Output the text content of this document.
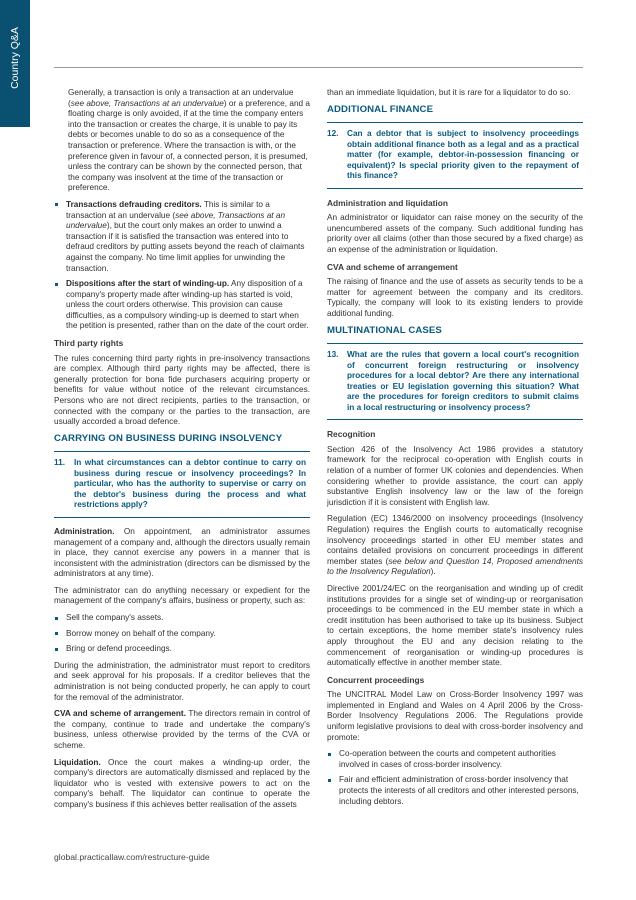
Country Q&A

Generally, a transaction is only a transaction at an undervalue (see above, Transactions at an undervalue) or a preference, and a floating charge is only avoided, if at the time the company enters into the transaction or creates the charge, it is unable to pay its debts or becomes unable to do so as a consequence of the transaction or preference. Where the transaction is with, or the preference given in favour of, a connected person, it is presumed, unless the contrary can be shown by the connected person, that the company was insolvent at the time of the transaction or preference.

Transactions defrauding creditors. This is similar to a transaction at an undervalue (see above, Transactions at an undervalue), but the court only makes an order to unwind a transaction if it is satisfied the transaction was entered into to defraud creditors by putting assets beyond the reach of claimants against the company. No time limit applies for unwinding the transaction.
Dispositions after the start of winding-up. Any disposition of a company's property made after winding-up has started is void, unless the court orders otherwise. This provision can cause difficulties, as a compulsory winding-up is deemed to start when the petition is presented, rather than on the date of the court order.
Third party rights

The rules concerning third party rights in pre-insolvency transactions are complex. Although third party rights may be affected, there is generally protection for bona fide purchasers acquiring property or benefits for value without notice of the relevant circumstances. Persons who are not direct recipients, parties to the transaction, or connected with the company or the parties to the transaction, are usually accorded a broad defence.

CARRYING ON BUSINESS DURING INSOLVENCY
11.	In what circumstances can a debtor continue to carry on business during rescue or insolvency proceedings? In particular, who has the authority to supervise or carry on the debtor's business during the process and what restrictions apply?

Administration. On appointment, an administrator assumes management of a company and, although the directors usually remain in place, they cannot exercise any powers in a manner that is inconsistent with the administration (directors can be dismissed by the administrators at any time).

The administrator can do anything necessary or expedient for the management of the company's affairs, business or property, such as:

Sell the company's assets.
Borrow money on behalf of the company.
Bring or defend proceedings.

During the administration, the administrator must report to creditors and seek approval for his proposals. If a creditor believes that the administration is not being conducted properly, he can apply to court for the removal of the administrator.

CVA and scheme of arrangement. The directors remain in control of the company, continue to trade and undertake the company's business, unless otherwise provided by the terms of the CVA or scheme.

Liquidation. Once the court makes a winding-up order, the company's directors are automatically dismissed and replaced by the liquidator who is vested with extensive powers to act on the company's behalf. The liquidator can continue to operate the company's business if this achieves better realisation of the assets

than an immediate liquidation, but it is rare for a liquidator to do so.

ADDITIONAL FINANCE
12.	Can a debtor that is subject to insolvency proceedings obtain additional finance both as a legal and as a practical matter (for example, debtor-in-possession financing or equivalent)? Is special priority given to the repayment of this finance?
Administration and liquidation

An administrator or liquidator can raise money on the security of the unencumbered assets of the company. Such additional funding has priority over all claims (other than those secured by a fixed charge) as an expense of the administration or liquidation.

CVA and scheme of arrangement

The raising of finance and the use of assets as security tends to be a matter for agreement between the company and its creditors. Typically, the company will look to its existing lenders to provide additional funding.

MULTINATIONAL CASES
13.	What are the rules that govern a local court's recognition of concurrent foreign restructuring or insolvency procedures for a local debtor? Are there any international treaties or EU legislation governing this situation? What are the procedures for foreign creditors to submit claims in a local restructuring or insolvency process?
Recognition

Section 426 of the Insolvency Act 1986 provides a statutory framework for the reciprocal co-operation with English courts in relation of a number of former UK colonies and dependencies. When considering whether to provide assistance, the court can apply substantive English insolvency law or the law of the foreign jurisdiction if it is consistent with English law.

Regulation (EC) 1346/2000 on insolvency proceedings (Insolvency Regulation) requires the English courts to automatically recognise insolvency proceedings started in other EU member states and contains detailed provisions on concurrent proceedings in different member states (see below and Question 14, Proposed amendments to the Insolvency Regulation).

Directive 2001/24/EC on the reorganisation and winding up of credit institutions provides for a single set of winding-up or reorganisation proceedings to be commenced in the EU member state in which a credit institution has been authorised to take up its business. Subject to certain exceptions, the home member state's insolvency rules apply throughout the EU and any decision relating to the commencement of reorganisation or winding-up procedures is automatically effective in another member state.

Concurrent proceedings

The UNCITRAL Model Law on Cross-Border Insolvency 1997 was implemented in England and Wales on 4 April 2006 by the Cross-Border Insolvency Regulations 2006. The Regulations provide uniform legislative provisions to deal with cross-border insolvency and promote:

Co-operation between the courts and competent authorities involved in cases of cross-border insolvency.
Fair and efficient administration of cross-border insolvency that protects the interests of all creditors and other interested persons, including debtors.
global.practicallaw.com/restructure-guide
